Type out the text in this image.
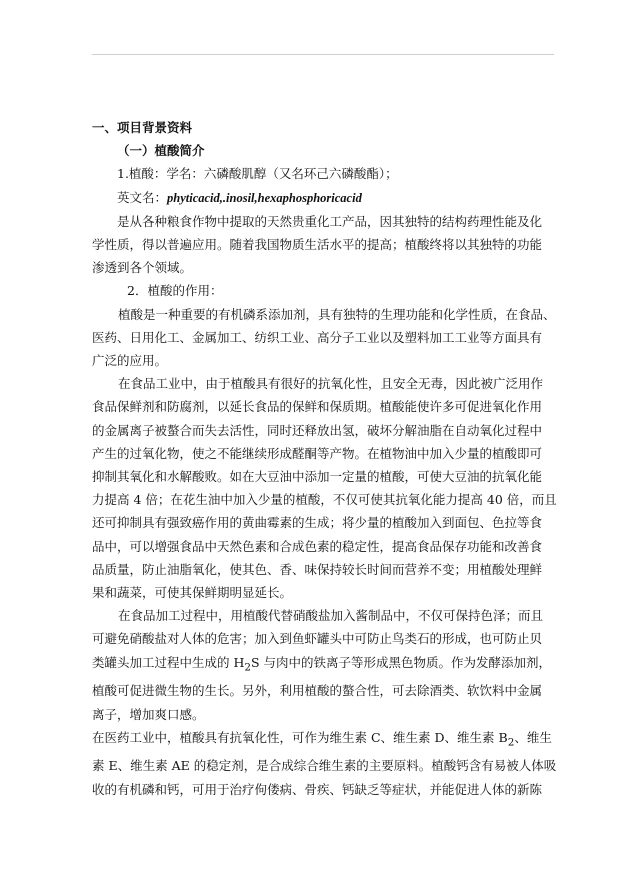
一、项目背景资料
（一）植酸简介
1.植酸：学名：六磷酸肌醇（又名环己六磷酸酯）；
英文名：phyticacid,.inosil,hexaphosphoricacid
是从各种粮食作物中提取的天然贵重化工产品，因其独特的结构药理性能及化
学性质，得以普遍应用。随着我国物质生活水平的提高；植酸终将以其独特的功能
渗透到各个领域。
2．植酸的作用：
植酸是一种重要的有机磷系添加剂，具有独特的生理功能和化学性质，在食品、
医药、日用化工、金属加工、纺织工业、高分子工业以及塑料加工工业等方面具有
广泛的应用。
在食品工业中，由于植酸具有很好的抗氧化性，且安全无毒，因此被广泛用作
食品保鲜剂和防腐剂，以延长食品的保鲜和保质期。植酸能使许多可促进氧化作用
的金属离子被螯合而失去活性，同时还释放出氢，破坏分解油脂在自动氧化过程中
产生的过氧化物，使之不能继续形成醛酮等产物。在植物油中加入少量的植酸即可
抑制其氧化和水解酸败。如在大豆油中添加一定量的植酸，可使大豆油的抗氧化能
力提高 4 倍；在花生油中加入少量的植酸，不仅可使其抗氧化能力提高 40 倍，而且
还可抑制具有强致癌作用的黄曲霉素的生成；将少量的植酸加入到面包、色拉等食
品中，可以增强食品中天然色素和合成色素的稳定性，提高食品保存功能和改善食
品质量，防止油脂氧化，使其色、香、味保持较长时间而营养不变；用植酸处理鲜
果和蔬菜，可使其保鲜期明显延长。
在食品加工过程中，用植酸代替硝酸盐加入酱制品中，不仅可保持色泽；而且
可避免硝酸盐对人体的危害；加入到鱼虾罐头中可防止鸟类石的形成，也可防止贝
类罐头加工过程中生成的 $H_2S$ 与肉中的铁离子等形成黑色物质。作为发酵添加剂，
植酸可促进微生物的生长。另外，利用植酸的螯合性，可去除酒类、软饮料中金属
离子，增加爽口感。
在医药工业中，植酸具有抗氧化性，可作为维生素 C、维生素 D、维生素 $B_2$、维生
素 E、维生素 AE 的稳定剂，是合成综合维生素的主要原料。植酸钙含有易被人体吸
收的有机磷和钙，可用于治疗佝偻病、骨疾、钙缺乏等症状，并能促进人体的新陈
